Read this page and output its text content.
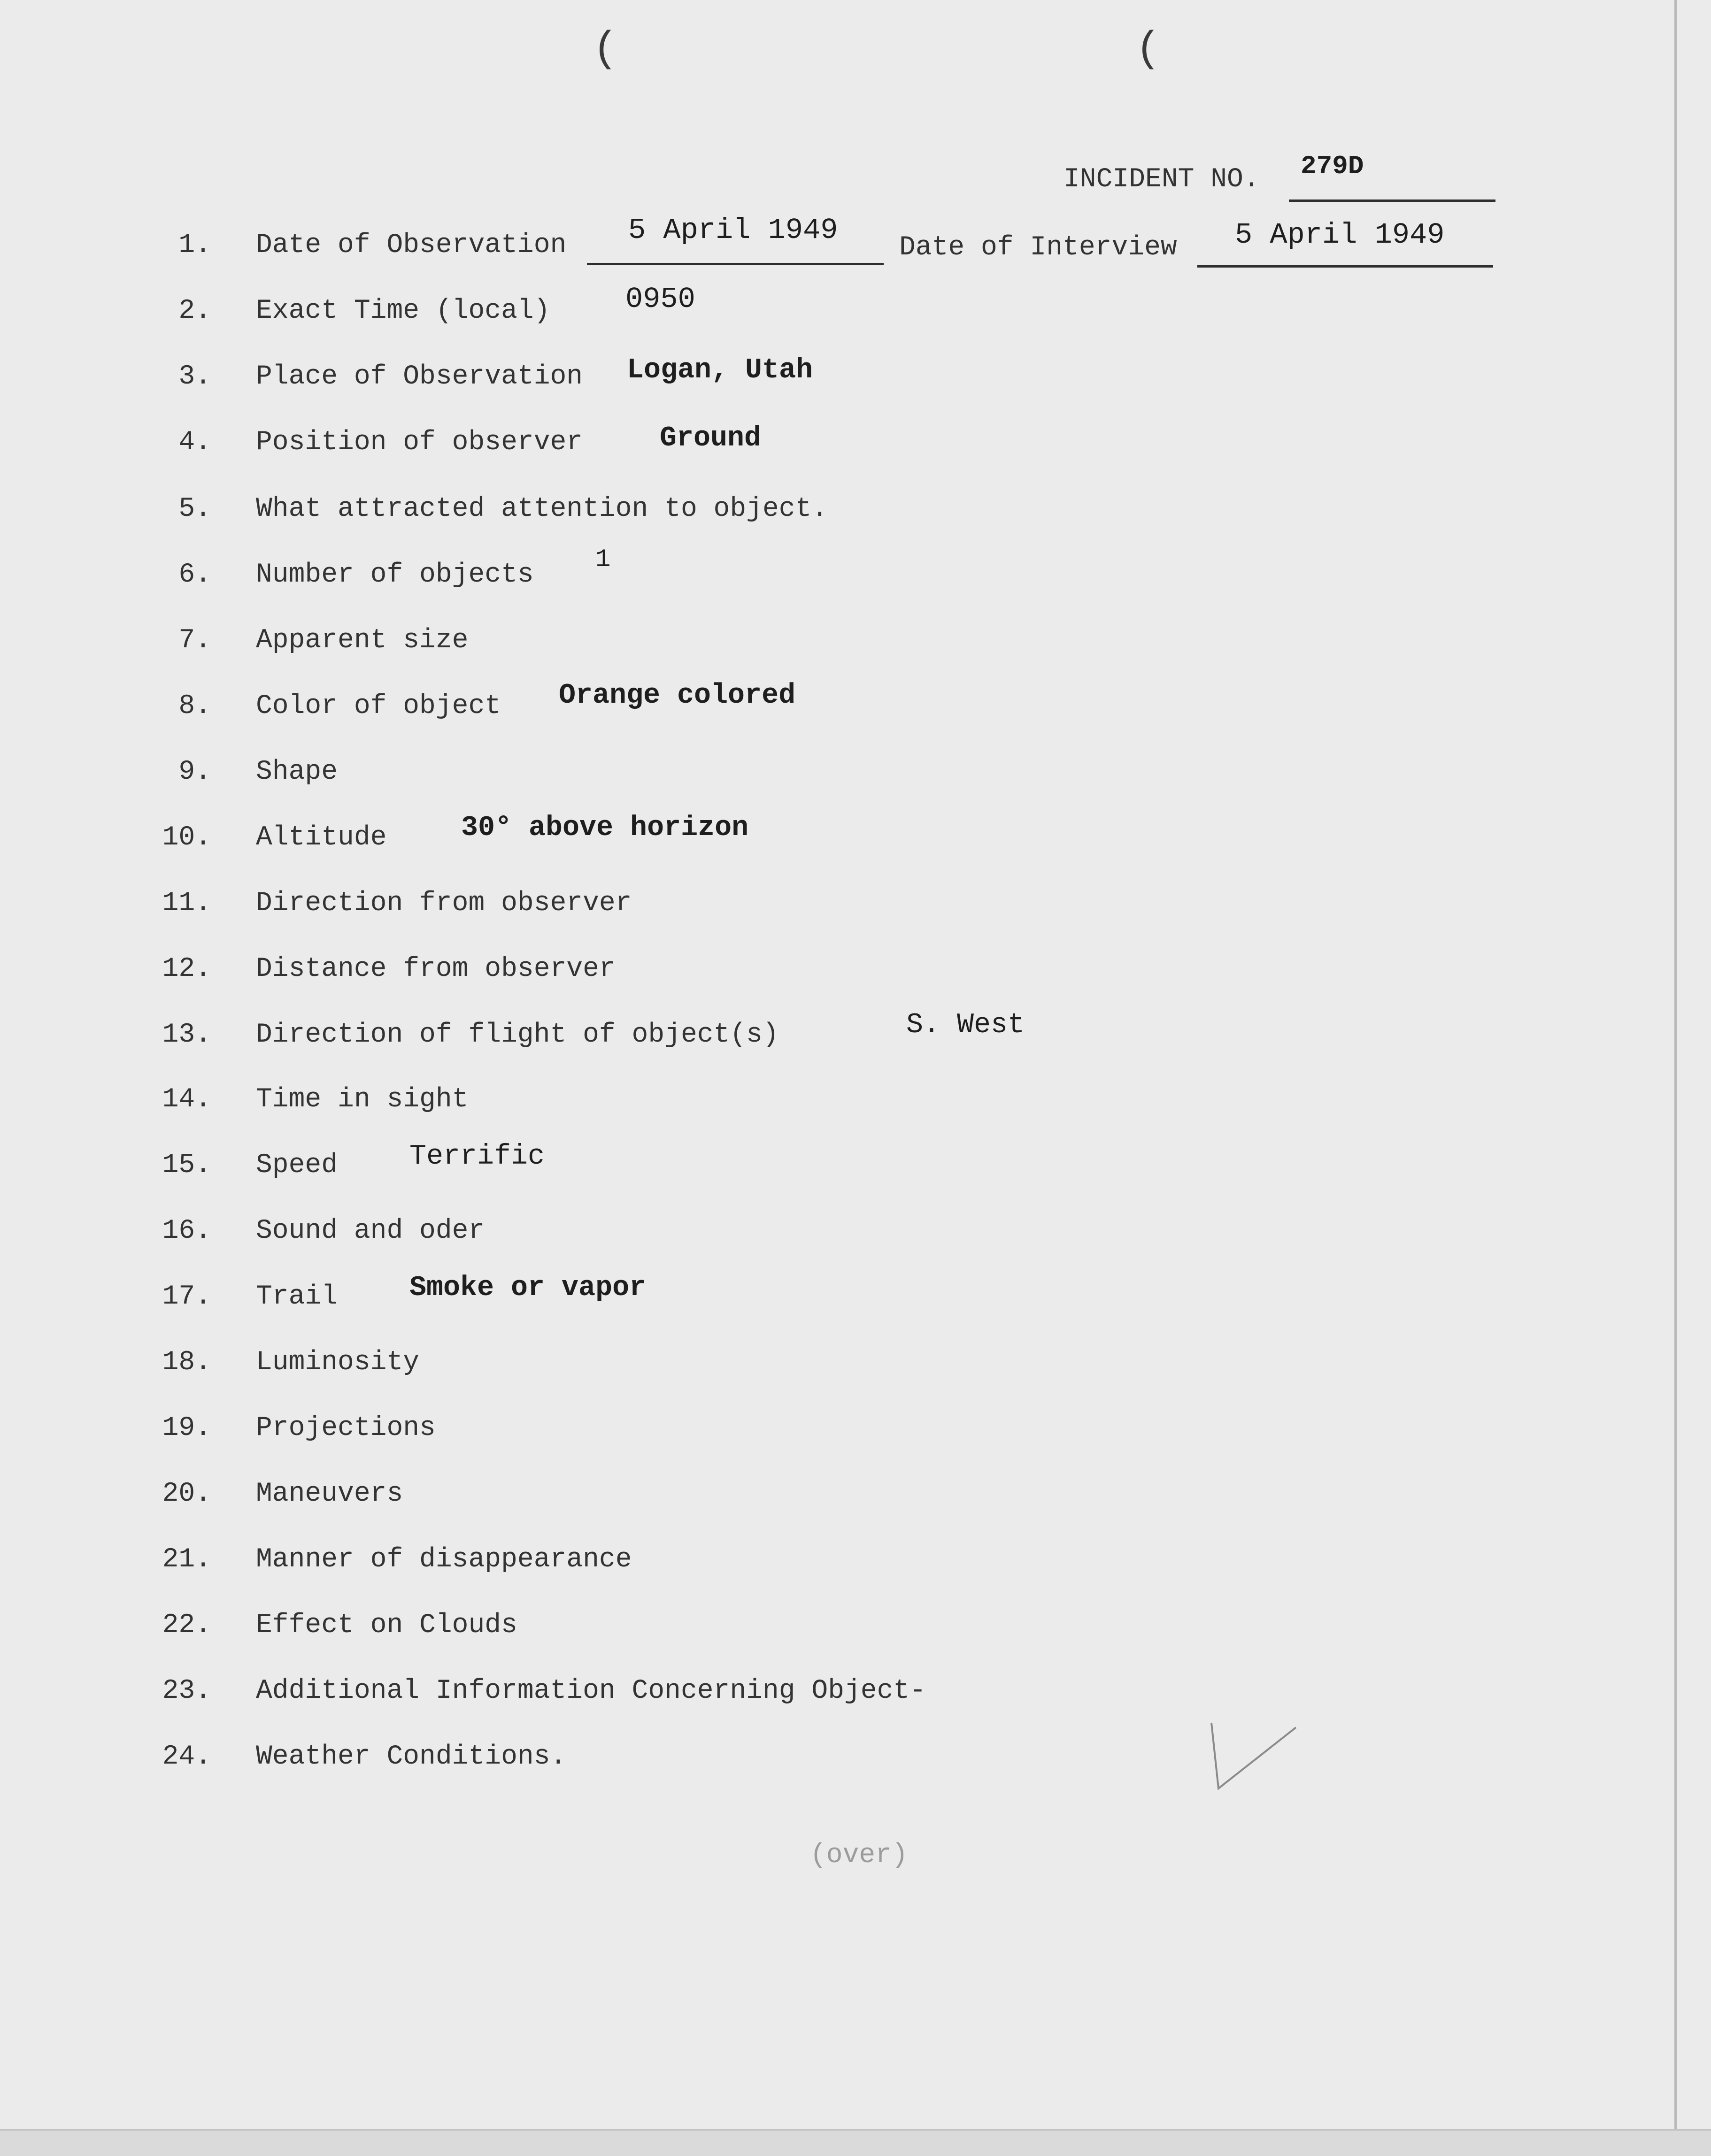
(	(
INCIDENT NO. 279D
1. Date of Observation 5 April 1949
Date of Interview 5 April 1949
2. Exact Time (local)	0950
3. Place of Observation Logan, Utah
4. Position of observer	Ground
5. What attracted attention to object.
6. Number of objects 1
7. Apparent size
8. Color of object Orange colored
9. Shape
10. Altitude	30° above horizon
11. Direction from observer
12. Distance from observer
13. Direction of flight of object(s)	S. West
14. Time in sight
15. Speed	Terrific
16. Sound and oder
17. Trail	Smoke or vapor
18. Luminosity
19. Projections
20. Maneuvers
21. Manner of disappearance
22. Effect on Clouds
23. Additional Information Concerning Object-
24. Weather Conditions.
(over)
